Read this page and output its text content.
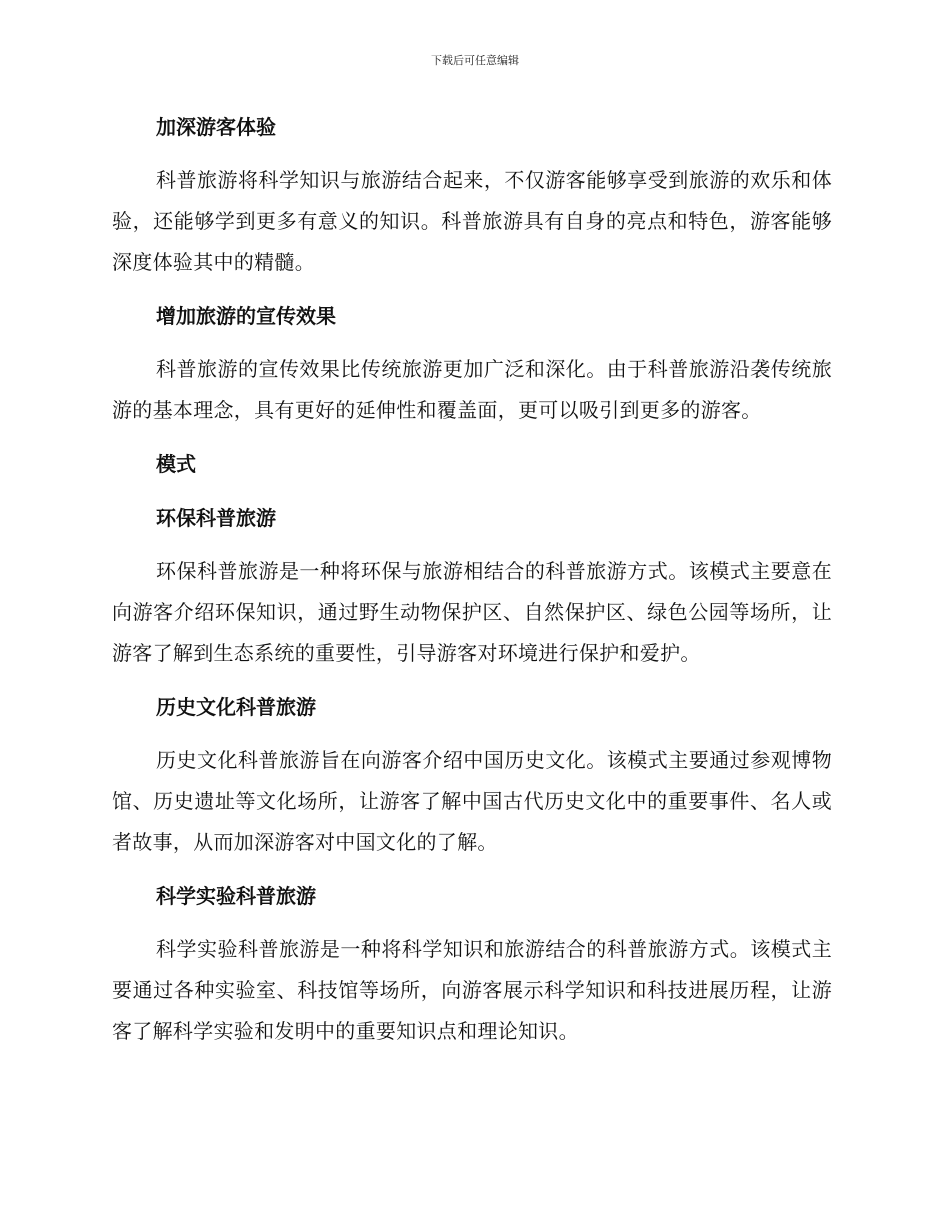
下载后可任意编辑
加深游客体验

科普旅游将科学知识与旅游结合起来，不仅游客能够享受到旅游的欢乐和体验，还能够学到更多有意义的知识。科普旅游具有自身的亮点和特色，游客能够深度体验其中的精髓。

增加旅游的宣传效果

科普旅游的宣传效果比传统旅游更加广泛和深化。由于科普旅游沿袭传统旅游的基本理念，具有更好的延伸性和覆盖面，更可以吸引到更多的游客。

模式
环保科普旅游

环保科普旅游是一种将环保与旅游相结合的科普旅游方式。该模式主要意在向游客介绍环保知识，通过野生动物保护区、自然保护区、绿色公园等场所，让游客了解到生态系统的重要性，引导游客对环境进行保护和爱护。

历史文化科普旅游

历史文化科普旅游旨在向游客介绍中国历史文化。该模式主要通过参观博物馆、历史遗址等文化场所，让游客了解中国古代历史文化中的重要事件、名人或者故事，从而加深游客对中国文化的了解。

科学实验科普旅游

科学实验科普旅游是一种将科学知识和旅游结合的科普旅游方式。该模式主要通过各种实验室、科技馆等场所，向游客展示科学知识和科技进展历程，让游客了解科学实验和发明中的重要知识点和理论知识。
